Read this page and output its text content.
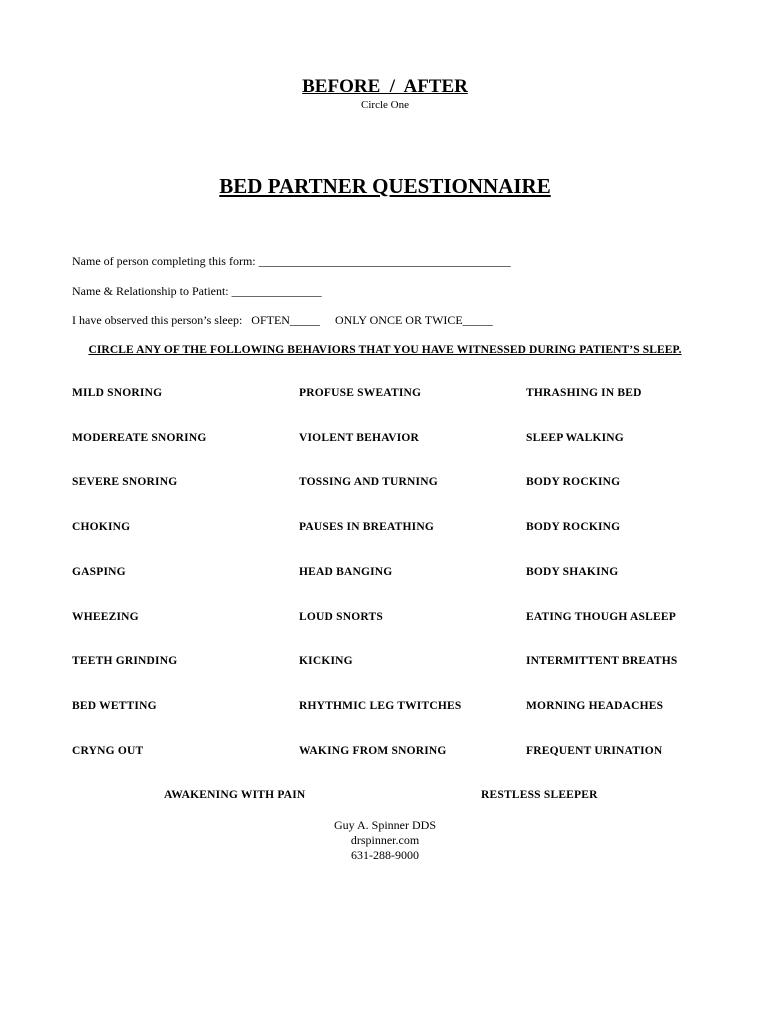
BEFORE  /  AFTER
Circle One
BED PARTNER QUESTIONNAIRE
Name of person completing this form: __________________________________________
Name & Relationship to Patient: _______________
I have observed this person’s sleep:   OFTEN_____     ONLY ONCE OR TWICE_____
CIRCLE ANY OF THE FOLLOWING BEHAVIORS THAT YOU HAVE WITNESSED DURING PATIENT’S SLEEP.
MILD SNORING	PROFUSE SWEATING	THRASHING IN BED
MODEREATE SNORING	VIOLENT BEHAVIOR	SLEEP WALKING
SEVERE SNORING	TOSSING AND TURNING	BODY ROCKING
CHOKING	PAUSES IN BREATHING	BODY ROCKING
GASPING	HEAD BANGING	BODY SHAKING
WHEEZING	LOUD SNORTS	EATING THOUGH ASLEEP
TEETH GRINDING	KICKING	INTERMITTENT BREATHS
BED WETTING	RHYTHMIC LEG TWITCHES	MORNING HEADACHES
CRYNG OUT	WAKING FROM SNORING	FREQUENT URINATION
AWAKENING WITH PAIN	RESTLESS SLEEPER
Guy A. Spinner DDS
drspinner.com
631-288-9000
